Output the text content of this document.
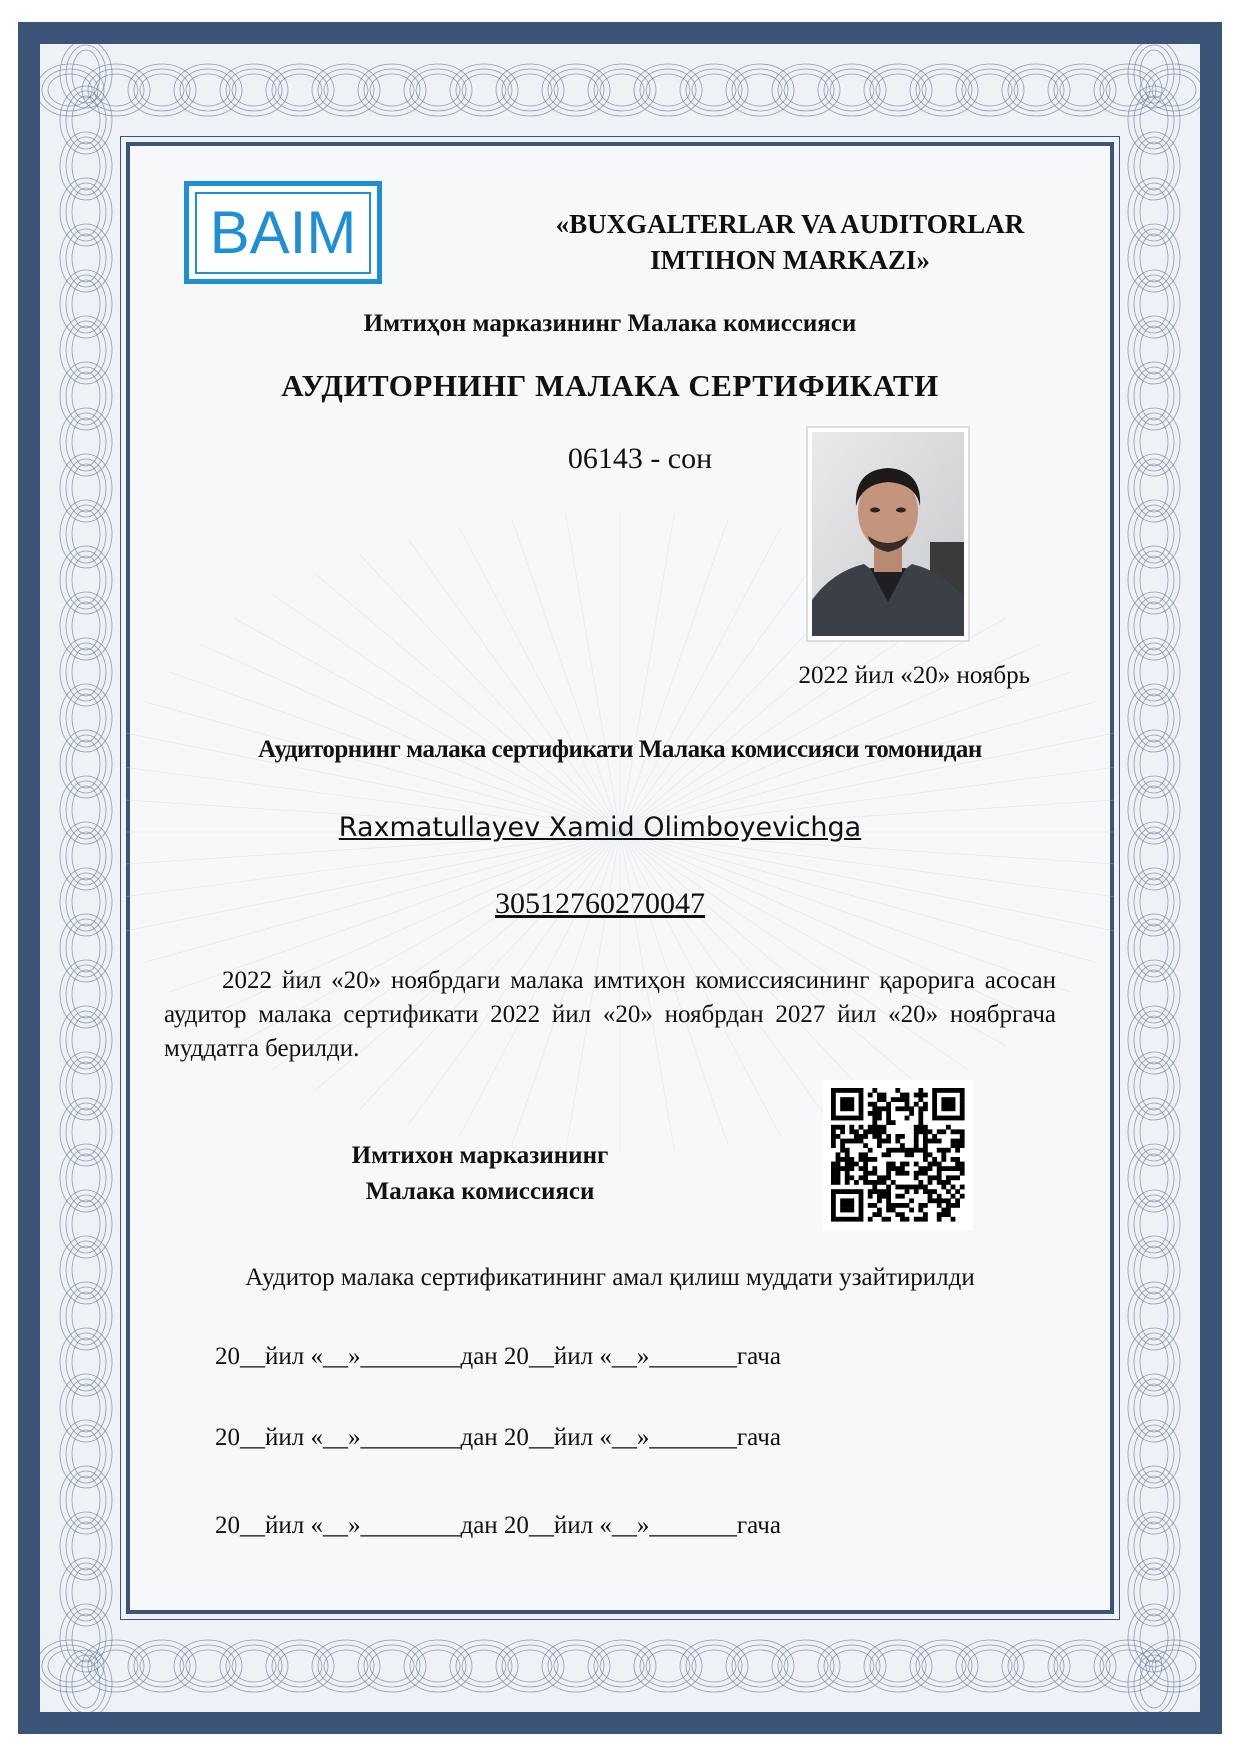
BAIM	«BUXGALTERLAR VA AUDITORLAR
IMTIHON MARKAZI»
Имтиҳон марказининг Малака комиссияси
АУДИТОРНИНГ МАЛАКА СЕРТИФИКАТИ
06143 - сон
2022 йил «20» ноябрь
Аудиторнинг малака сертификати Малака комиссияси томонидан
Raxmatullayev Xamid Olimboyevichga
30512760270047
2022 йил «20» ноябрдаги малака имтиҳон комиссиясининг қарорига асосан аудитор малака сертификати 2022 йил «20» ноябрдан 2027 йил «20» ноябргача муддатга берилди.
Имтихон марказининг
Малака комиссияси
Аудитор малака сертификатининг амал қилиш муддати узайтирилди
20__йил «__»________дан 20__йил «__»_______гача
20__йил «__»________дан 20__йил «__»_______гача
20__йил «__»________дан 20__йил «__»_______гача
